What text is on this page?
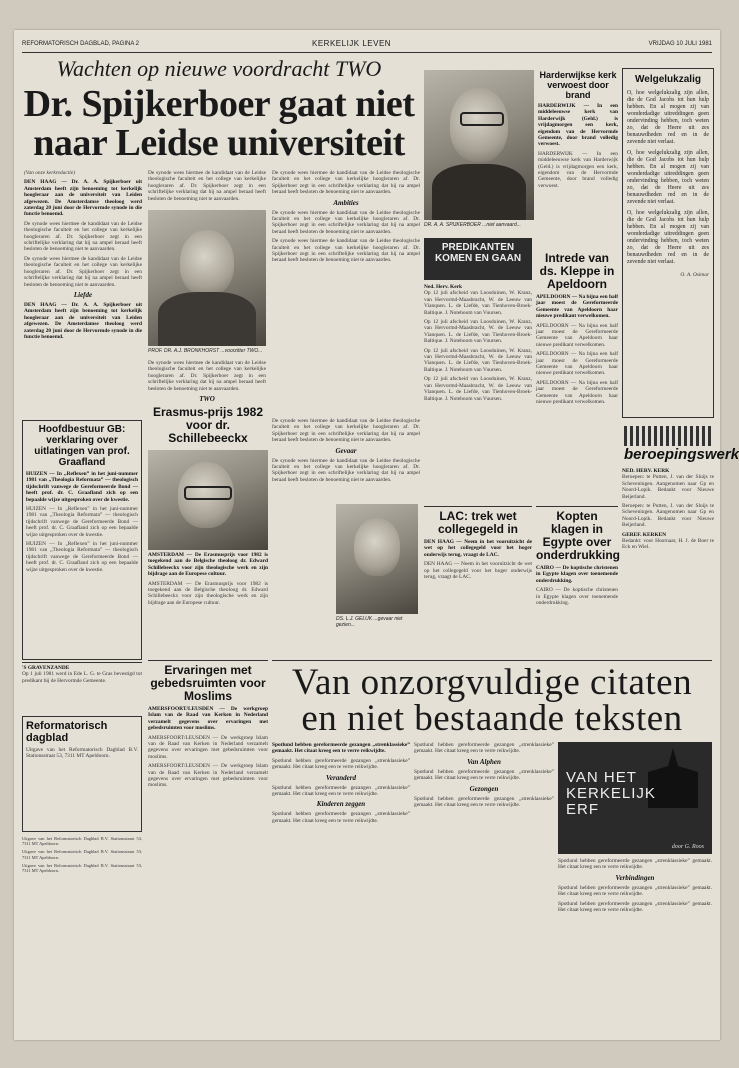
REFORMATORISCH DAGBLAD, PAGINA 2	KERKELIJK LEVEN	VRIJDAG 10 JULI 1981
Wachten op nieuwe voordracht TWO
Dr. Spijkerboer gaat niet
naar Leidse universiteit
(Van onze kerkredactie)
DEN HAAG — Dr. A. A. Spijkerboer uit Amsterdam heeft zijn benoeming tot kerkelijk hoogleraar aan de universiteit van Leiden afgewezen. De Amsterdamse theoloog werd zaterdag 20 juni door de Hervormde synode in die functie benoemd.
De synode wees hiermee de kandidaat van de Leidse theologische faculteit en het college van kerkelijke hoogleraren af. Dr. Spijkerboer zegt in een schriftelijke verklaring dat hij na ampel beraad heeft besloten de benoeming niet te aanvaarden.
De synode wees hiermee de kandidaat van de Leidse theologische faculteit en het college van kerkelijke hoogleraren af. Dr. Spijkerboer zegt in een schriftelijke verklaring dat hij na ampel beraad heeft besloten de benoeming niet te aanvaarden.
Liefde
DEN HAAG — Dr. A. A. Spijkerboer uit Amsterdam heeft zijn benoeming tot kerkelijk hoogleraar aan de universiteit van Leiden afgewezen. De Amsterdamse theoloog werd zaterdag 20 juni door de Hervormde synode in die functie benoemd.
De synode wees hiermee de kandidaat van de Leidse theologische faculteit en het college van kerkelijke hoogleraren af. Dr. Spijkerboer zegt in een schriftelijke verklaring dat hij na ampel beraad heeft besloten de benoeming niet te aanvaarden.
De synode wees hiermee de kandidaat van de Leidse theologische faculteit en het college van kerkelijke hoogleraren af. Dr. Spijkerboer zegt in een schriftelijke verklaring dat hij na ampel beraad heeft besloten de benoeming niet te aanvaarden.
Ambities
De synode wees hiermee de kandidaat van de Leidse theologische faculteit en het college van kerkelijke hoogleraren af. Dr. Spijkerboer zegt in een schriftelijke verklaring dat hij na ampel beraad heeft besloten de benoeming niet te aanvaarden.
De synode wees hiermee de kandidaat van de Leidse theologische faculteit en het college van kerkelijke hoogleraren af. Dr. Spijkerboer zegt in een schriftelijke verklaring dat hij na ampel beraad heeft besloten de benoeming niet te aanvaarden.
PROF. DR. A.J. BRONKHORST ...voorzitter TWO...
De synode wees hiermee de kandidaat van de Leidse theologische faculteit en het college van kerkelijke hoogleraren af. Dr. Spijkerboer zegt in een schriftelijke verklaring dat hij na ampel beraad heeft besloten de benoeming niet te aanvaarden.
TWO
DR. A. A. SPIJKERBOER ...niet aanvaard...
Harderwijkse kerk verwoest door brand
HARDERWIJK — In een middeleeuwse kerk van Harderwijk (Geld.) is vrijdagmorgen een kerk, eigendom van de Hervormde Gemeente, door brand volledig verwoest.
HARDERWIJK — In een middeleeuwse kerk van Harderwijk (Geld.) is vrijdagmorgen een kerk, eigendom van de Hervormde Gemeente, door brand volledig verwoest.
Welgelukzalig
O, hoe welgelukzalig zijn allen, die de God Jacobs tot hun hulp hebben. En al mogen zij van wonderdadige uitreddingen geen ondervinding hebben, toch weten zo, dat de Heere uit zes benauwdheden red en in de zevende niet verlaat.
O, hoe welgelukzalig zijn allen, die de God Jacobs tot hun hulp hebben. En al mogen zij van wonderdadige uitreddingen geen ondervinding hebben, toch weten zo, dat de Heere uit zes benauwdheden red en in de zevende niet verlaat.
O, hoe welgelukzalig zijn allen, die de God Jacobs tot hun hulp hebben. En al mogen zij van wonderdadige uitreddingen geen ondervinding hebben, toch weten zo, dat de Heere uit zes benauwdheden red en in de zevende niet verlaat.
O. A. Osimar
PREDIKANTEN KOMEN EN GAAN
Ned. Herv. Kerk
Op 12 juli afscheid van Loosduinen, W. Kranz, van Hervormd-Maasbracht, W. de Leeuw van Vianquen. L. de Liefde, van Tienhoven-Broek-Baltique. J. Noteboom van Vuursen.
Op 12 juli afscheid van Loosduinen, W. Kranz, van Hervormd-Maasbracht, W. de Leeuw van Vianquen. L. de Liefde, van Tienhoven-Broek-Baltique. J. Noteboom van Vuursen.
Op 12 juli afscheid van Loosduinen, W. Kranz, van Hervormd-Maasbracht, W. de Leeuw van Vianquen. L. de Liefde, van Tienhoven-Broek-Baltique. J. Noteboom van Vuursen.
Op 12 juli afscheid van Loosduinen, W. Kranz, van Hervormd-Maasbracht, W. de Leeuw van Vianquen. L. de Liefde, van Tienhoven-Broek-Baltique. J. Noteboom van Vuursen.
Intrede van ds. Kleppe in Apeldoorn
APELDOORN — Na bijna een half jaar moest de Gereformeerde Gemeente van Apeldoorn haar nieuwe predikant verwelkomen.
APELDOORN — Na bijna een half jaar moest de Gereformeerde Gemeente van Apeldoorn haar nieuwe predikant verwelkomen.
APELDOORN — Na bijna een half jaar moest de Gereformeerde Gemeente van Apeldoorn haar nieuwe predikant verwelkomen.
APELDOORN — Na bijna een half jaar moest de Gereformeerde Gemeente van Apeldoorn haar nieuwe predikant verwelkomen.
beroepingswerk
NED. HERV. KERK
Beroepen: te Putten, J. van der Sluijs te Scheveningen. Aangenomen naar Gp en Noord-Lopik. Bedankt voor Nieuwe Beijerland.
Beroepen: te Putten, J. van der Sluijs te Scheveningen. Aangenomen naar Gp en Noord-Lopik. Bedankt voor Nieuwe Beijerland.
GEREF. KERKEN
Bedankt: voor Hoornaar, H. J. de Boer te Eck en Wiel.
Kopten klagen in Egypte over onderdrukking
CAIRO — De koptische christenen in Egypte klagen over toenemende onderdrukking.
CAIRO — De koptische christenen in Egypte klagen over toenemende onderdrukking.
LAC: trek wet collegegeld in
DEN HAAG — Neem in het vooruitzicht de wet op het collegegeld voor het hoger onderwijs terug, vraagt de LAC.
DEN HAAG — Neem in het vooruitzicht de wet op het collegegeld voor het hoger onderwijs terug, vraagt de LAC.
Erasmus-prijs 1982 voor dr. Schillebeeckx
AMSTERDAM — De Erasmusprijs voor 1982 is toegekend aan de Belgische theoloog dr. Edward Schillebeeckx voor zijn theologische werk en zijn bijdrage aan de Europese cultuur.
AMSTERDAM — De Erasmusprijs voor 1982 is toegekend aan de Belgische theoloog dr. Edward Schillebeeckx voor zijn theologische werk en zijn bijdrage aan de Europese cultuur.
De synode wees hiermee de kandidaat van de Leidse theologische faculteit en het college van kerkelijke hoogleraren af. Dr. Spijkerboer zegt in een schriftelijke verklaring dat hij na ampel beraad heeft besloten de benoeming niet te aanvaarden.
Gevaar
De synode wees hiermee de kandidaat van de Leidse theologische faculteit en het college van kerkelijke hoogleraren af. Dr. Spijkerboer zegt in een schriftelijke verklaring dat hij na ampel beraad heeft besloten de benoeming niet te aanvaarden.
DS. L.J. GELUK ...gevaar niet gezien...
Hoofdbestuur GB: verklaring over uitlatingen van prof. Graafland
HUIZEN — In „Reflexen” in het juni-nummer 1981 van „Theologia Reformata” — theologisch tijdschrift vanwege de Gereformeerde Bond — heeft prof. dr. C. Graafland zich op een bepaalde wijze uitgesproken over de kwestie.
HUIZEN — In „Reflexen” in het juni-nummer 1981 van „Theologia Reformata” — theologisch tijdschrift vanwege de Gereformeerde Bond — heeft prof. dr. C. Graafland zich op een bepaalde wijze uitgesproken over de kwestie.
HUIZEN — In „Reflexen” in het juni-nummer 1981 van „Theologia Reformata” — theologisch tijdschrift vanwege de Gereformeerde Bond — heeft prof. dr. C. Graafland zich op een bepaalde wijze uitgesproken over de kwestie.
'S GRAVENZANDE
Op 1 juli 1981 werd in Ede L. G. te Gras bevestigd tot predikant bij de Hervormde Gemeente.
Reformatorisch dagblad
Uitgave van het Reformatorisch Dagblad B.V. Stationsstraat 53, 7311 MT Apeldoorn.
Uitgave van het Reformatorisch Dagblad B.V. Stationsstraat 53, 7311 MT Apeldoorn.
Uitgave van het Reformatorisch Dagblad B.V. Stationsstraat 53, 7311 MT Apeldoorn.
Uitgave van het Reformatorisch Dagblad B.V. Stationsstraat 53, 7311 MT Apeldoorn.
Ervaringen met gebedsruimten voor Moslims
AMERSFOORT/LEUSDEN — De werkgroep Islam van de Raad van Kerken in Nederland verzamelt gegevens over ervaringen met gebedsruimten voor moslims.
AMERSFOORT/LEUSDEN — De werkgroep Islam van de Raad van Kerken in Nederland verzamelt gegevens over ervaringen met gebedsruimten voor moslims.
AMERSFOORT/LEUSDEN — De werkgroep Islam van de Raad van Kerken in Nederland verzamelt gegevens over ervaringen met gebedsruimten voor moslims.
Van onzorgvuldige citaten
en niet bestaande teksten
Spotlund hebben gereformeerde gezangen „strenklassieke” gemaakt. Het citaat kreeg een te verre reikwijdte.
Spotlund hebben gereformeerde gezangen „strenklassieke” gemaakt. Het citaat kreeg een te verre reikwijdte.
Veranderd
Spotlund hebben gereformeerde gezangen „strenklassieke” gemaakt. Het citaat kreeg een te verre reikwijdte.
Kinderen zeggen
Spotlund hebben gereformeerde gezangen „strenklassieke” gemaakt. Het citaat kreeg een te verre reikwijdte.
Spotlund hebben gereformeerde gezangen „strenklassieke” gemaakt. Het citaat kreeg een te verre reikwijdte.
Van Alphen
Spotlund hebben gereformeerde gezangen „strenklassieke” gemaakt. Het citaat kreeg een te verre reikwijdte.
Gezongen
Spotlund hebben gereformeerde gezangen „strenklassieke” gemaakt. Het citaat kreeg een te verre reikwijdte.
VAN HET
KERKELIJK
ERF
door G. Roos
Spotlund hebben gereformeerde gezangen „strenklassieke” gemaakt. Het citaat kreeg een te verre reikwijdte.
Verbindingen
Spotlund hebben gereformeerde gezangen „strenklassieke” gemaakt. Het citaat kreeg een te verre reikwijdte.
Spotlund hebben gereformeerde gezangen „strenklassieke” gemaakt. Het citaat kreeg een te verre reikwijdte.
